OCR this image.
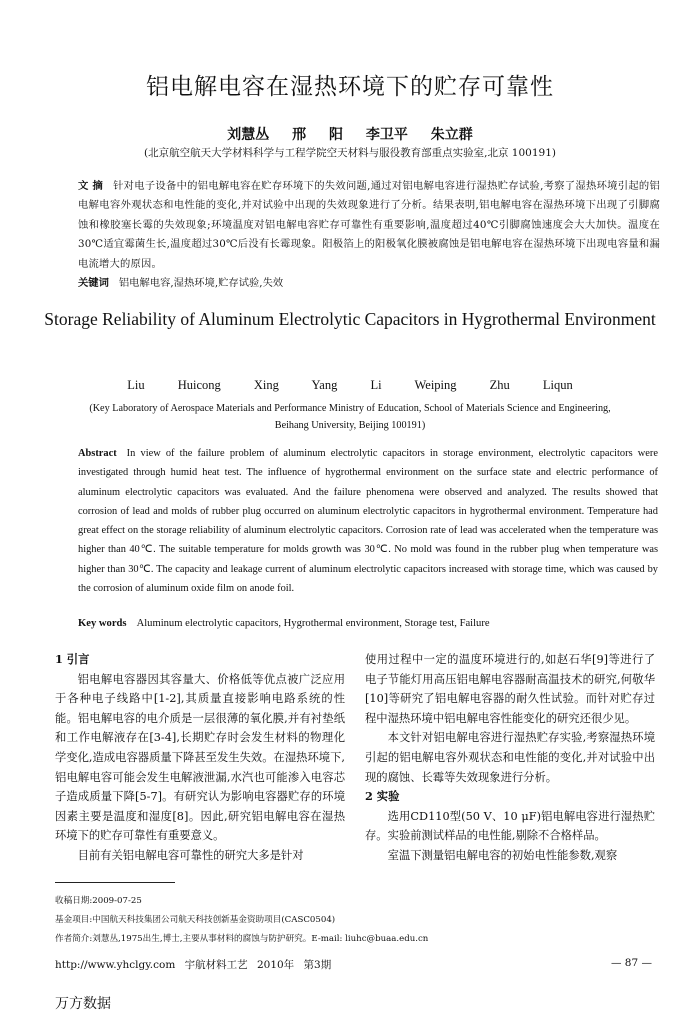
铝电解电容在湿热环境下的贮存可靠性
刘慧丛 邢 阳 李卫平 朱立群
(北京航空航天大学材料科学与工程学院空天材料与服役教育部重点实验室,北京 100191)
文 摘 针对电子设备中的铝电解电容在贮存环境下的失效问题,通过对铝电解电容进行湿热贮存试验,考察了湿热环境引起的铝电解电容外观状态和电性能的变化,并对试验中出现的失效现象进行了分析。结果表明,铝电解电容在湿热环境下出现了引脚腐蚀和橡胶塞长霉的失效现象;环境温度对铝电解电容贮存可靠性有重要影响,温度超过40℃引脚腐蚀速度会大大加快。温度在30℃适宜霉菌生长,温度超过30℃后没有长霉现象。阳极箔上的阳极氧化膜被腐蚀是铝电解电容在湿热环境下出现电容量和漏电流增大的原因。
关键词 铝电解电容,湿热环境,贮存试验,失效
Storage Reliability of Aluminum Electrolytic Capacitors in Hygrothermal Environment
Liu Huicong Xing Yang Li Weiping Zhu Liqun
(Key Laboratory of Aerospace Materials and Performance Ministry of Education, School of Materials Science and Engineering,
Beihang University, Beijing 100191)
Abstract In view of the failure problem of aluminum electrolytic capacitors in storage environment, electrolytic capacitors were investigated through humid heat test. The influence of hygrothermal environment on the surface state and electric performance of aluminum electrolytic capacitors was evaluated. And the failure phenomena were observed and analyzed. The results showed that corrosion of lead and molds of rubber plug occurred on aluminum electrolytic capacitors in hygrothermal environment. Temperature had great effect on the storage reliability of aluminum electrolytic capacitors. Corrosion rate of lead was accelerated when the temperature was higher than 40℃. The suitable temperature for molds growth was 30℃. No mold was found in the rubber plug when temperature was higher than 30℃. The capacity and leakage current of aluminum electrolytic capacitors increased with storage time, which was caused by the corrosion of aluminum oxide film on anode foil.
Key words Aluminum electrolytic capacitors, Hygrothermal environment, Storage test, Failure

1 引言

铝电解电容器因其容量大、价格低等优点被广泛应用于各种电子线路中[1-2],其质量直接影响电路系统的性能。铝电解电容的电介质是一层很薄的氧化膜,并有衬垫纸和工作电解液存在[3-4],长期贮存时会发生材料的物理化学变化,造成电容器质量下降甚至发生失效。在湿热环境下,铝电解电容可能会发生电解液泄漏,水汽也可能渗入电容芯子造成质量下降[5-7]。有研究认为影响电容器贮存的环境因素主要是温度和湿度[8]。因此,研究铝电解电容在湿热环境下的贮存可靠性有重要意义。

目前有关铝电解电容可靠性的研究大多是针对

使用过程中一定的温度环境进行的,如赵石华[9]等进行了电子节能灯用高压铝电解电容器耐高温技术的研究,何敬华[10]等研究了铝电解电容器的耐久性试验。而针对贮存过程中湿热环境中铝电解电容性能变化的研究还很少见。

本文针对铝电解电容进行湿热贮存实验,考察湿热环境引起的铝电解电容外观状态和电性能的变化,并对试验中出现的腐蚀、长霉等失效现象进行分析。

2 实验

选用CD110型(50 V、10 μF)铝电解电容进行湿热贮存。实验前测试样品的电性能,剔除不合格样品。

室温下测量铝电解电容的初始电性能参数,观察

收稿日期:2009-07-25
基金项目:中国航天科技集团公司航天科技创新基金资助项目(CASC0504)
作者简介:刘慧丛,1975出生,博士,主要从事材料的腐蚀与防护研究。E-mail: liuhc@buaa.edu.cn
http://www.yhclgy.com 宇航材料工艺 2010年 第3期	— 87 —
万方数据
